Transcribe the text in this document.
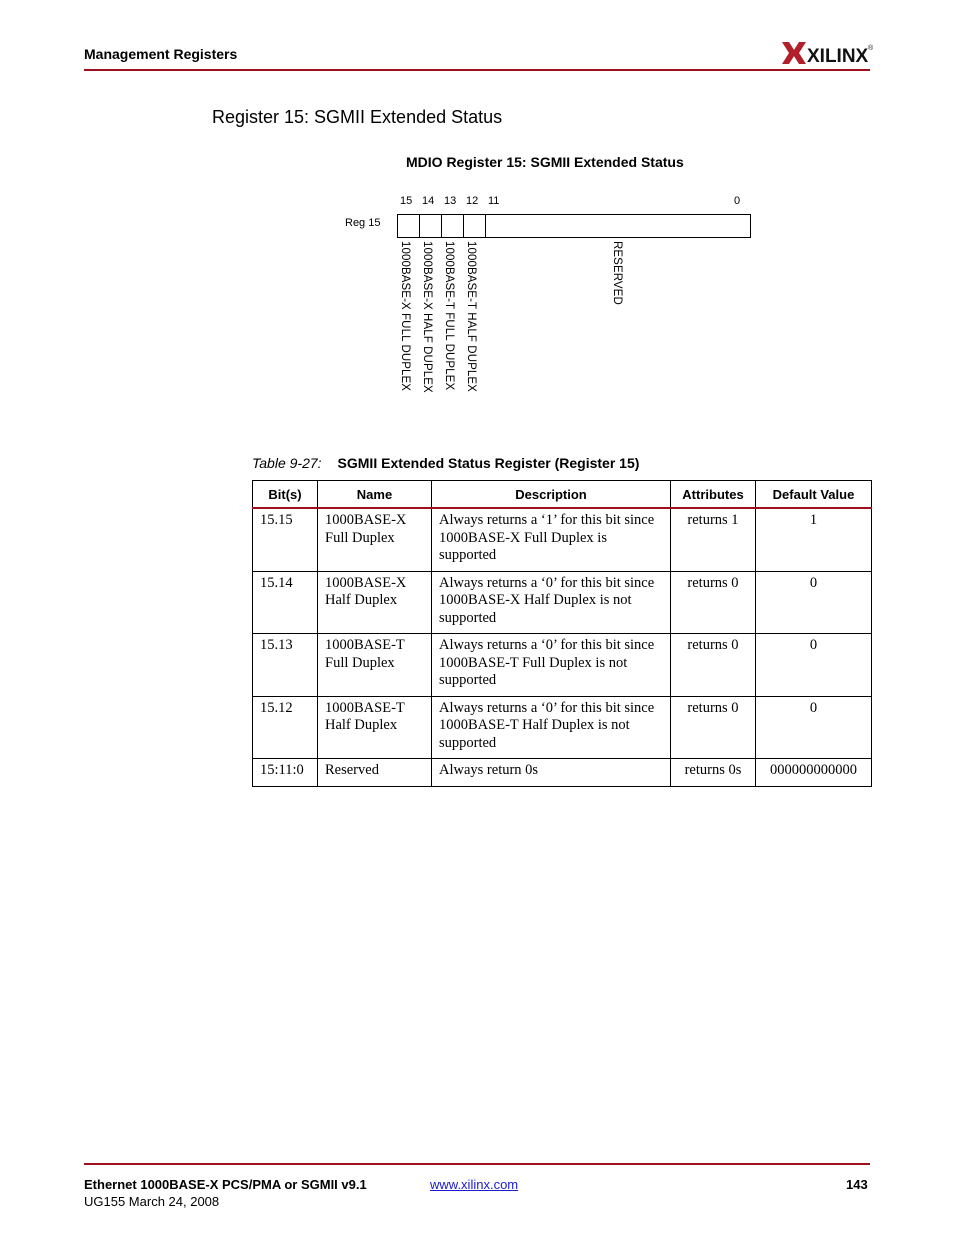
Management Registers	XILINX ®
Register 15: SGMII Extended Status
MDIO Register 15: SGMII Extended Status
15 14 13 12 11	0
Reg 15
1000BASE-X FULL DUPLEX 1000BASE-X HALF DUPLEX 1000BASE-T FULL DUPLEX 1000BASE-T HALF DUPLEX	RESERVED
Table 9-27: SGMII Extended Status Register (Register 15)
Bit(s)	Name	Description	Attributes	Default Value
15.15	1000BASE-X Full Duplex	Always returns a ‘1’ for this bit since 1000BASE-X Full Duplex is supported	returns 1	1
15.14	1000BASE-X Half Duplex	Always returns a ‘0’ for this bit since 1000BASE-X Half Duplex is not supported	returns 0	0
15.13	1000BASE-T Full Duplex	Always returns a ‘0’ for this bit since 1000BASE-T Full Duplex is not supported	returns 0	0
15.12	1000BASE-T Half Duplex	Always returns a ‘0’ for this bit since 1000BASE-T Half Duplex is not supported	returns 0	0
15:11:0	Reserved	Always return 0s	returns 0s	000000000000
Ethernet 1000BASE-X PCS/PMA or SGMII v9.1
UG155 March 24, 2008
www.xilinx.com	143
